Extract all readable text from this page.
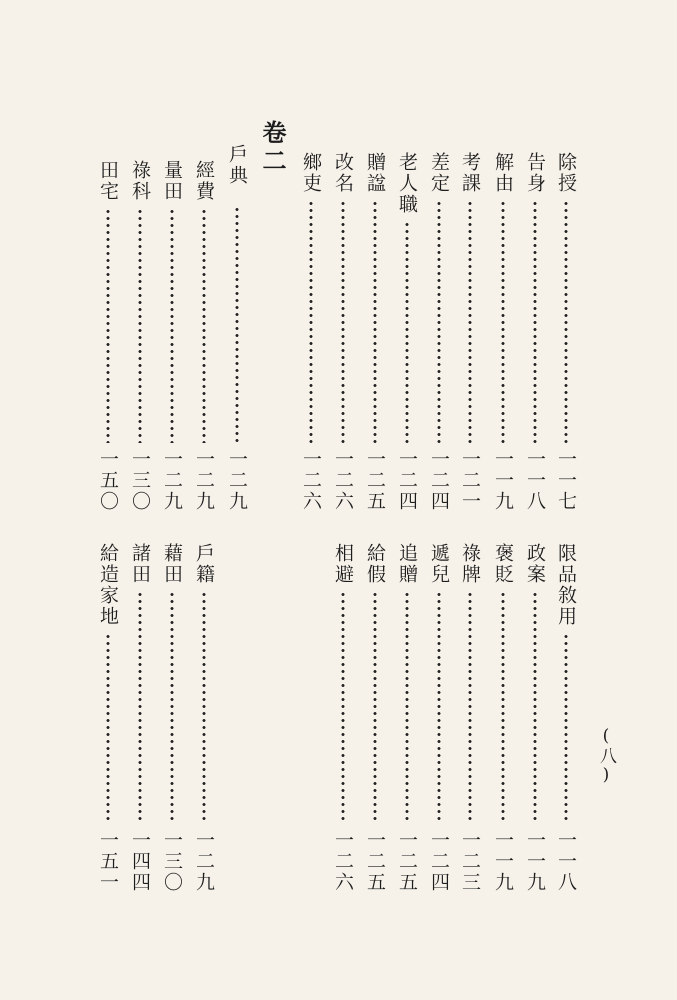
(八)
卷二
戶典	除授
一一七
告身
一一八
解由
一一九
考課
一二一
差定
一二四
老人職
一二四
贈諡
一二五
改名
一二六
鄉吏
一二六
一二九
經費
一二九
量田
一二九
祿科
一三〇
田宅
一五〇
限品敘用
一一八
政案
一一九
褒貶
一一九
祿牌
一二三
遞兒
一二四
追贈
一二五
給假
一二五
相避
一二六
戶籍
一二九
藉田
一三〇
諸田
一四四
給造家地
一五一
